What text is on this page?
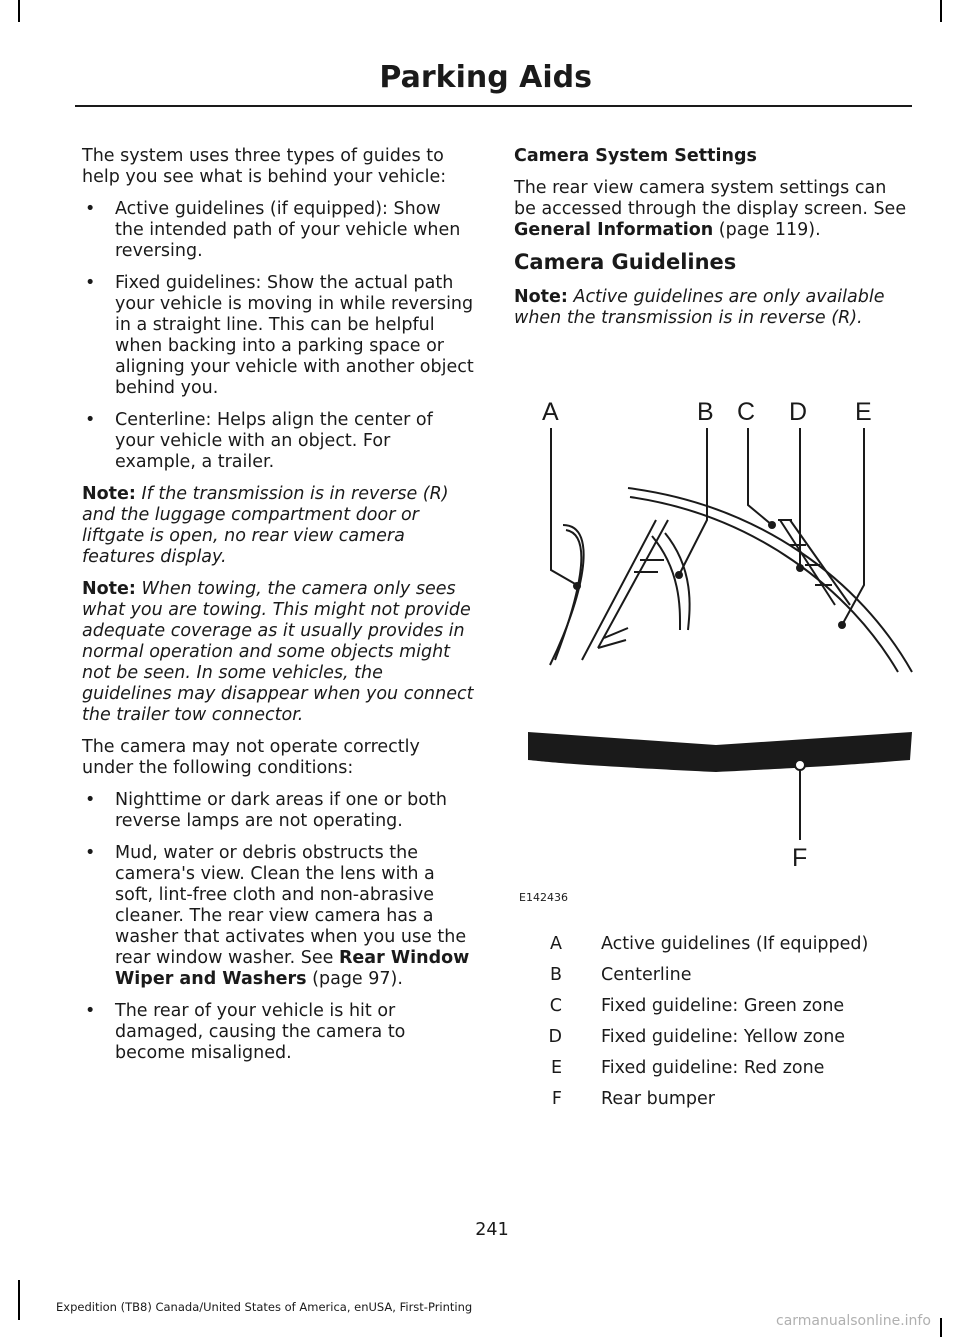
Parking Aids

The system uses three types of guides to help you see what is behind your vehicle:

• Active guidelines (if equipped): Show the intended path of your vehicle when reversing.
• Fixed guidelines: Show the actual path your vehicle is moving in while reversing in a straight line. This can be helpful when backing into a parking space or aligning your vehicle with another object behind you.
• Centerline: Helps align the center of your vehicle with an object. For example, a trailer.

Note: If the transmission is in reverse (R) and the luggage compartment door or liftgate is open, no rear view camera features display.

Note: When towing, the camera only sees what you are towing. This might not provide adequate coverage as it usually provides in normal operation and some objects might not be seen. In some vehicles, the guidelines may disappear when you connect the trailer tow connector.

The camera may not operate correctly under the following conditions:

• Nighttime or dark areas if one or both reverse lamps are not operating.
• Mud, water or debris obstructs the camera's view. Clean the lens with a soft, lint-free cloth and non-abrasive cleaner. The rear view camera has a washer that activates when you use the rear window washer. See Rear Window Wiper and Washers (page 97).
• The rear of your vehicle is hit or damaged, causing the camera to become misaligned.
Camera System Settings

The rear view camera system settings can be accessed through the display screen. See General Information (page 119).

Camera Guidelines

Note: Active guidelines are only available when the transmission is in reverse (R).

A	B C D E
F
E142436
A Active guidelines (If equipped)
B Centerline
C Fixed guideline: Green zone
D Fixed guideline: Yellow zone
E Fixed guideline: Red zone
F Rear bumper
241
Expedition (TB8) Canada/United States of America, enUSA, First-Printing
carmanualsonline.info
